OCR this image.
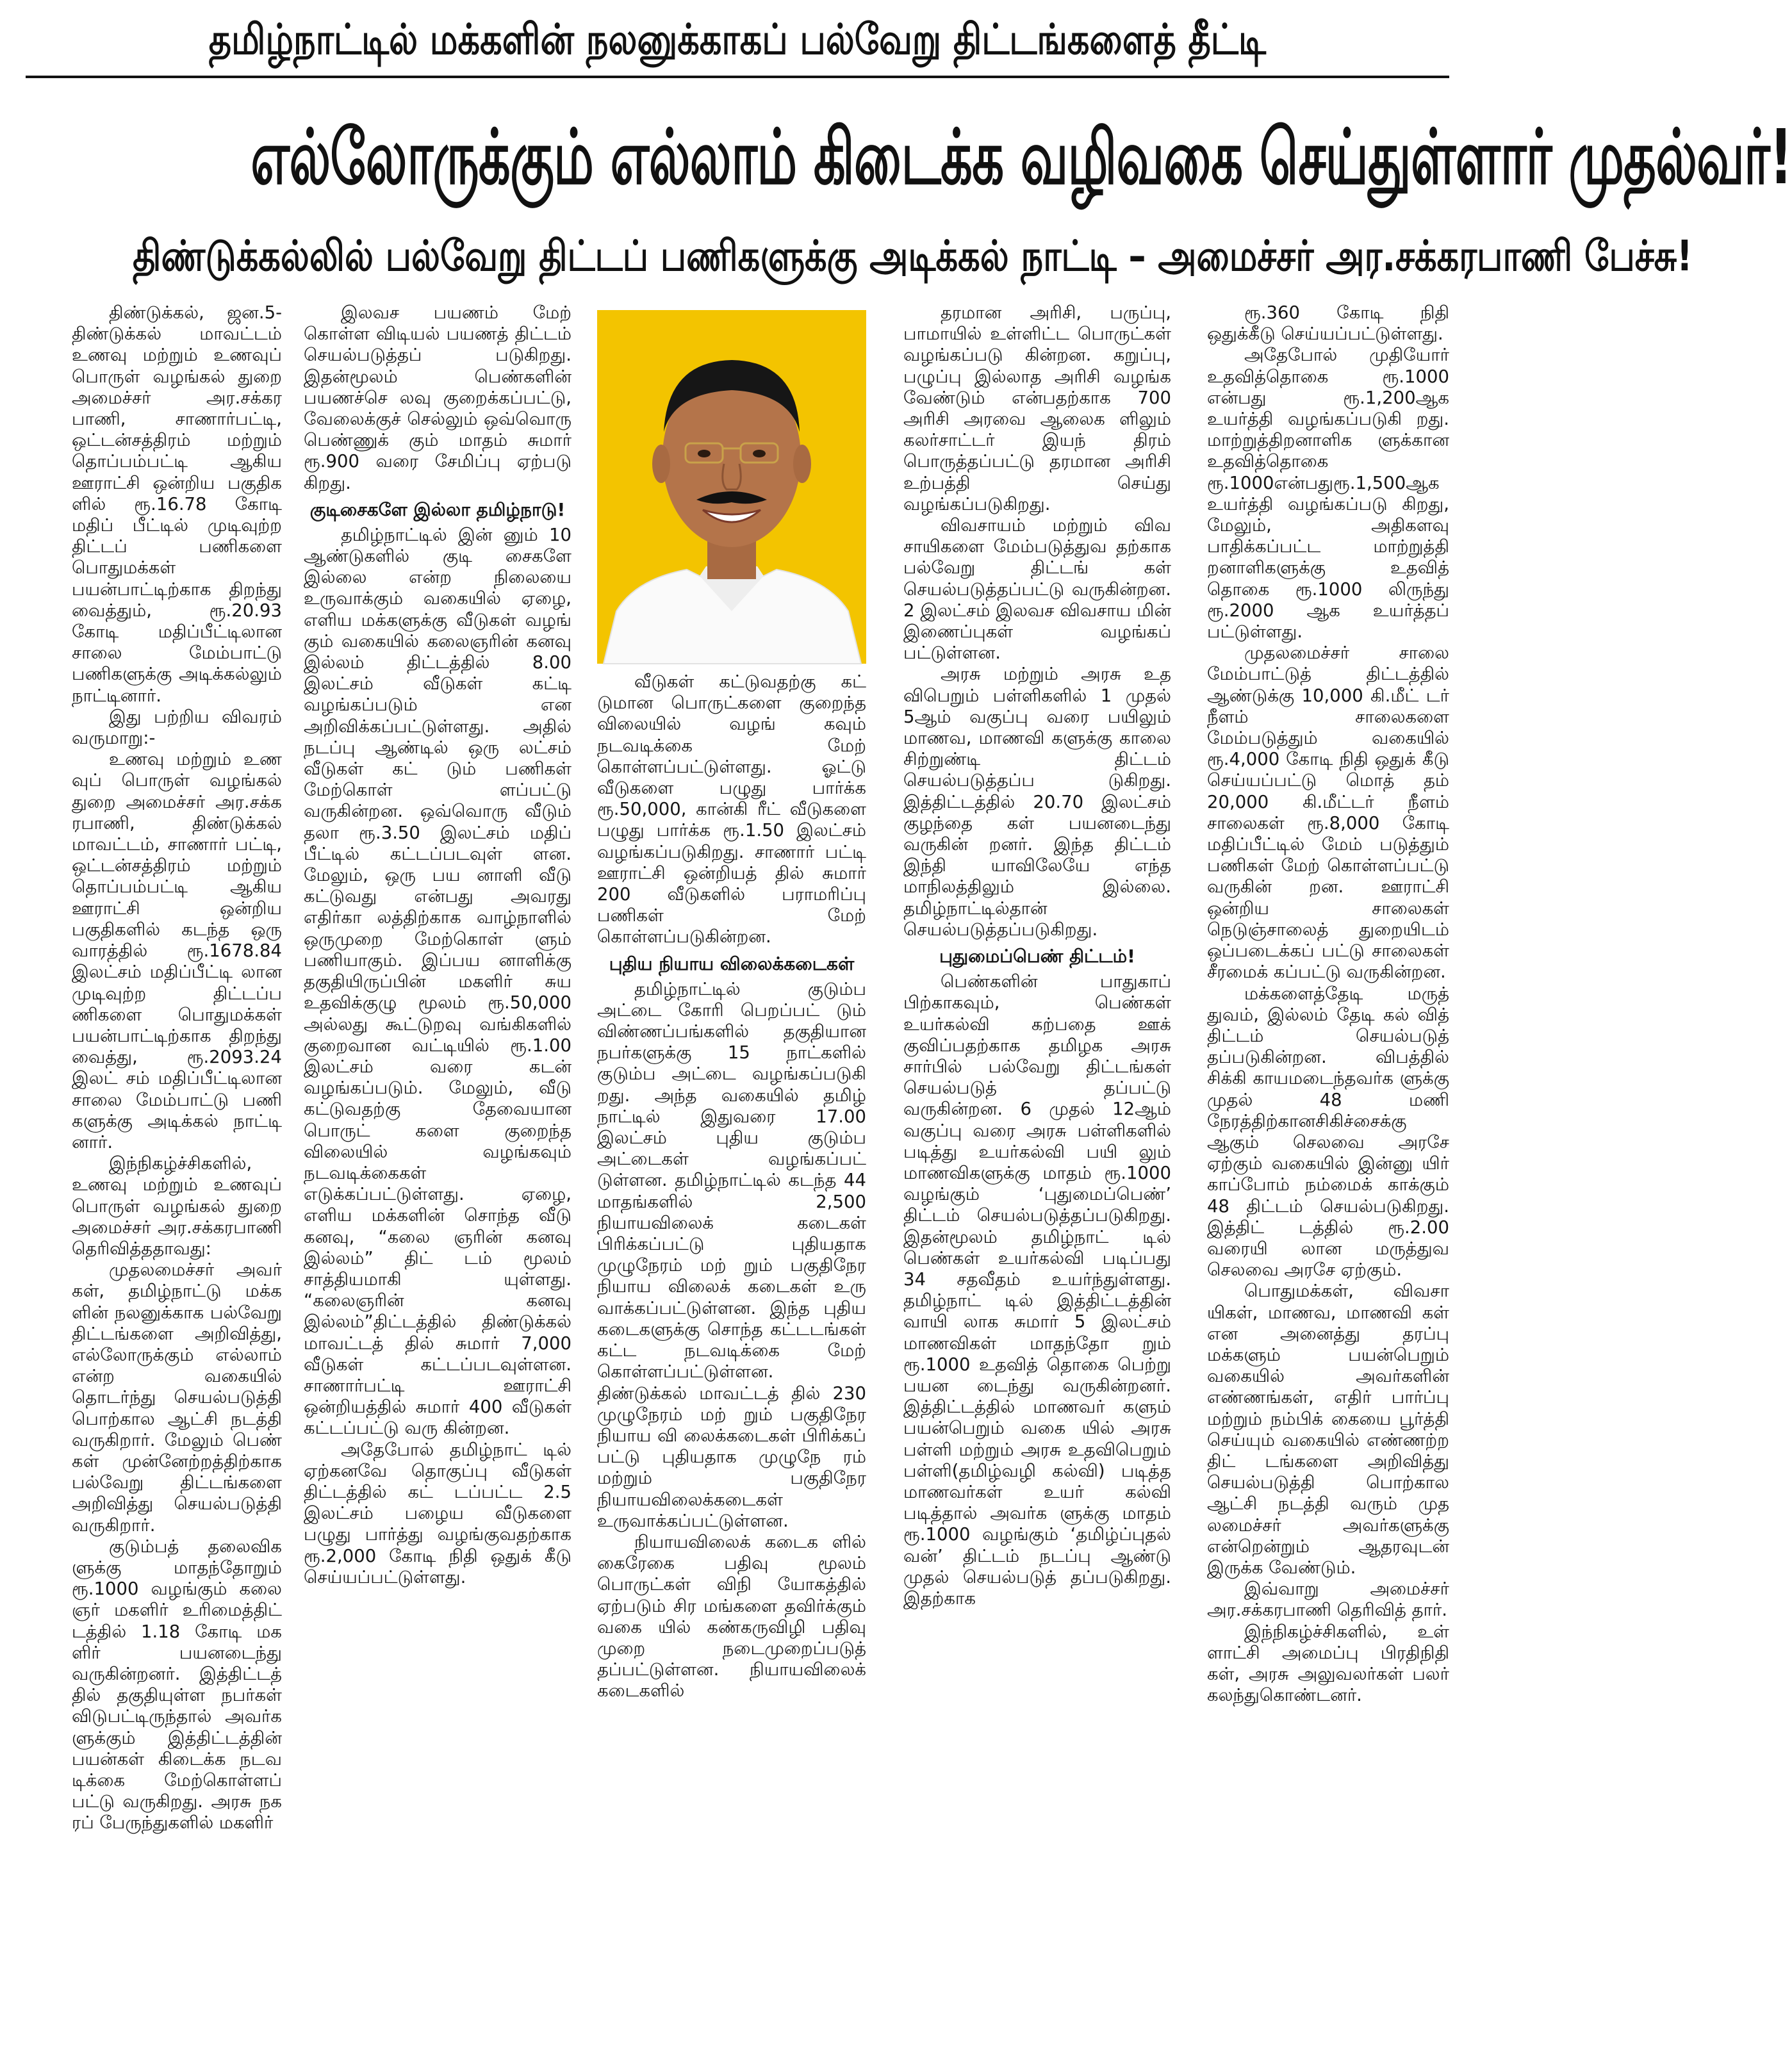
தமிழ்நாட்டில் மக்களின் நலனுக்காகப் பல்வேறு திட்டங்களைத் தீட்டி
எல்லோருக்கும் எல்லாம் கிடைக்க வழிவகை செய்துள்ளார் முதல்வர்!
திண்டுக்கல்லில் பல்வேறு திட்டப் பணிகளுக்கு அடிக்கல் நாட்டி – அமைச்சர் அர.சக்கரபாணி பேச்சு!

திண்டுக்கல், ஜன.5- திண்டுக்கல் மாவட்டம் உணவு மற்றும் உணவுப் பொருள் வழங்கல் துறை அமைச்சர் அர.சக்கர பாணி, சாணார்பட்டி, ஒட்டன்சத்திரம் மற்றும் தொப்பம்பட்டி ஆகிய ஊராட்சி ஒன்றிய பகுதிக ளில் ரூ.16.78 கோடி மதிப் பீட்டில் முடிவுற்ற திட்டப் பணிகளை பொதுமக்கள் பயன்பாட்டிற்காக திறந்து வைத்தும், ரூ.20.93 கோடி மதிப்பீட்டிலான சாலை மேம்பாட்டு பணிகளுக்கு அடிக்கல்லும் நாட்டினார்.

இது பற்றிய விவரம் வருமாறு:-

உணவு மற்றும் உண வுப் பொருள் வழங்கல் துறை அமைச்சர் அர.சக்க ரபாணி, திண்டுக்கல் மாவட்டம், சாணார் பட்டி, ஒட்டன்சத்திரம் மற்றும் தொப்பம்பட்டி ஆகிய ஊராட்சி ஒன்றிய பகுதிகளில் கடந்த ஒரு வாரத்தில் ரூ.1678.84 இலட்சம் மதிப்பீட்டி லான முடிவுற்ற திட்டப்ப ணிகளை பொதுமக்கள் பயன்பாட்டிற்காக திறந்து வைத்து, ரூ.2093.24 இலட் சம் மதிப்பீட்டிலான சாலை மேம்பாட்டு பணி களுக்கு அடிக்கல் நாட்டி னார்.

இந்நிகழ்ச்சிகளில், உணவு மற்றும் உணவுப் பொருள் வழங்கல் துறை அமைச்சர் அர.சக்கரபாணி தெரிவித்ததாவது:

முதலமைச்சர் அவர் கள், தமிழ்நாட்டு மக்க ளின் நலனுக்காக பல்வேறு திட்டங்களை அறிவித்து, எல்லோருக்கும் எல்லாம் என்ற வகையில் தொடர்ந்து செயல்படுத்தி பொற்கால ஆட்சி நடத்தி வருகிறார். மேலும் பெண் கள் முன்னேற்றத்திற்காக பல்வேறு திட்டங்களை அறிவித்து செயல்படுத்தி வருகிறார்.

குடும்பத் தலைவிக ளுக்கு மாதந்தோறும் ரூ.1000 வழங்கும் கலை ஞர் மகளிர் உரிமைத்திட் டத்தில் 1.18 கோடி மக ளிர் பயனடைந்து வருகின்றனர். இத்திட்டத் தில் தகுதியுள்ள நபர்கள் விடுபட்டிருந்தால் அவர்க ளுக்கும் இத்திட்டத்தின் பயன்கள் கிடைக்க நடவ டிக்கை மேற்கொள்ளப் பட்டு வருகிறது. அரசு நக ரப் பேருந்துகளில் மகளிர்

இலவச பயணம் மேற் கொள்ள விடியல் பயணத் திட்டம் செயல்படுத்தப் படுகிறது. இதன்மூலம் பெண்களின் பயணச்செ லவு குறைக்கப்பட்டு, வேலைக்குச் செல்லும் ஒவ்வொரு பெண்ணுக் கும் மாதம் சுமார் ரூ.900 வரை சேமிப்பு ஏற்படு கிறது.

குடிசைகளே இல்லா தமிழ்நாடு!

தமிழ்நாட்டில் இன் னும் 10 ஆண்டுகளில் குடி சைகளே இல்லை என்ற நிலையை உருவாக்கும் வகையில் ஏழை, எளிய மக்களுக்கு வீடுகள் வழங் கும் வகையில் கலைஞரின் கனவு இல்லம் திட்டத்தில் 8.00 இலட்சம் வீடுகள் கட்டி வழங்கப்படும் என அறிவிக்கப்பட்டுள்ளது. அதில் நடப்பு ஆண்டில் ஒரு லட்சம் வீடுகள் கட் டும் பணிகள் மேற்கொள் ளப்பட்டு வருகின்றன. ஒவ்வொரு வீடும் தலா ரூ.3.50 இலட்சம் மதிப் பீட்டில் கட்டப்படவுள் ளன. மேலும், ஒரு பய னாளி வீடு கட்டுவது என்பது அவரது எதிர்கா லத்திற்காக வாழ்நாளில் ஒருமுறை மேற்கொள் ளும் பணியாகும். இப்பய னாளிக்கு தகுதியிருப்பின் மகளிர் சுய உதவிக்குழு மூலம் ரூ.50,000 அல்லது கூட்டுறவு வங்கிகளில் குறைவான வட்டியில் ரூ.1.00 இலட்சம் வரை கடன் வழங்கப்படும். மேலும், வீடு கட்டுவதற்கு தேவையான பொருட் களை குறைந்த விலையில் வழங்கவும் நடவடிக்கைகள் எடுக்கப்பட்டுள்ளது. ஏழை, எளிய மக்களின் சொந்த வீடு கனவு, “கலை ஞரின் கனவு இல்லம்” திட் டம் மூலம் சாத்தியமாகி யுள்ளது. “கலைஞரின் கனவு இல்லம்”திட்டத்தில் திண்டுக்கல் மாவட்டத் தில் சுமார் 7,000 வீடுகள் கட்டப்படவுள்ளன. சாணார்பட்டி ஊராட்சி ஒன்றியத்தில் சுமார் 400 வீடுகள் கட்டப்பட்டு வரு கின்றன.

அதேபோல் தமிழ்நாட் டில் ஏற்கனவே தொகுப்பு வீடுகள் திட்டத்தில் கட் டப்பட்ட 2.5 இலட்சம் பழைய வீடுகளை பழுது பார்த்து வழங்குவதற்காக ரூ.2,000 கோடி நிதி ஒதுக் கீடு செய்யப்பட்டுள்ளது.

வீடுகள் கட்டுவதற்கு கட் டுமான பொருட்களை குறைந்த விலையில் வழங் கவும் நடவடிக்கை மேற் கொள்ளப்பட்டுள்ளது. ஓட்டு வீடுகளை பழுது பார்க்க ரூ.50,000, கான்கி ரீட் வீடுகளை பழுது பார்க்க ரூ.1.50 இலட்சம் வழங்கப்படுகிறது. சாணார் பட்டி ஊராட்சி ஒன்றியத் தில் சுமார் 200 வீடுகளில் பராமரிப்பு பணிகள் மேற் கொள்ளப்படுகின்றன.

புதிய நியாய விலைக்கடைகள்

தமிழ்நாட்டில் குடும்ப அட்டை கோரி பெறப்பட் டும் விண்ணப்பங்களில் தகுதியான நபர்களுக்கு 15 நாட்களில் குடும்ப அட்டை வழங்கப்படுகி றது. அந்த வகையில் தமிழ் நாட்டில் இதுவரை 17.00 இலட்சம் புதிய குடும்ப அட்டைகள் வழங்கப்பட் டுள்ளன. தமிழ்நாட்டில் கடந்த 44 மாதங்களில் 2,500 நியாயவிலைக் கடைகள் பிரிக்கப்பட்டு புதியதாக முழுநேரம் மற் றும் பகுதிநேர நியாய விலைக் கடைகள் உரு வாக்கப்பட்டுள்ளன. இந்த புதிய கடைகளுக்கு சொந்த கட்டடங்கள் கட்ட நடவடிக்கை மேற் கொள்ளப்பட்டுள்ளன. திண்டுக்கல் மாவட்டத் தில் 230 முழுநேரம் மற் றும் பகுதிநேர நியாய வி லைக்கடைகள் பிரிக்கப் பட்டு புதியதாக முழுநே ரம் மற்றும் பகுதிநேர நியாயவிலைக்கடைகள் உருவாக்கப்பட்டுள்ளன.

நியாயவிலைக் கடைக ளில் கைரேகை பதிவு மூலம் பொருட்கள் விநி யோகத்தில் ஏற்படும் சிர மங்களை தவிர்க்கும் வகை யில் கண்கருவிழி பதிவு முறை நடைமுறைப்படுத் தப்பட்டுள்ளன. நியாயவிலைக் கடைகளில்

தரமான அரிசி, பருப்பு, பாமாயில் உள்ளிட்ட பொருட்கள் வழங்கப்படு கின்றன. கறுப்பு, பழுப்பு இல்லாத அரிசி வழங்க வேண்டும் என்பதற்காக 700 அரிசி அரவை ஆலைக ளிலும் கலர்சாட்டர் இயந் திரம் பொருத்தப்பட்டு தரமான அரிசி உற்பத்தி செய்து வழங்கப்படுகிறது.

விவசாயம் மற்றும் விவ சாயிகளை மேம்படுத்துவ தற்காக பல்வேறு திட்டங் கள் செயல்படுத்தப்பட்டு வருகின்றன. 2 இலட்சம் இலவச விவசாய மின் இணைப்புகள் வழங்கப் பட்டுள்ளன.

அரசு மற்றும் அரசு உத விபெறும் பள்ளிகளில் 1 முதல் 5ஆம் வகுப்பு வரை பயிலும் மாணவ, மாணவி களுக்கு காலை சிற்றுண்டி திட்டம் செயல்படுத்தப்ப டுகிறது. இத்திட்டத்தில் 20.70 இலட்சம் குழந்தை கள் பயனடைந்து வருகின் றனர். இந்த திட்டம் இந்தி யாவிலேயே எந்த மாநிலத்திலும் இல்லை. தமிழ்நாட்டில்தான் செயல்படுத்தப்படுகிறது.

புதுமைப்பெண் திட்டம்!

பெண்களின் பாதுகாப் பிற்காகவும், பெண்கள் உயர்கல்வி கற்பதை ஊக் குவிப்பதற்காக தமிழக அரசு சார்பில் பல்வேறு திட்டங்கள் செயல்படுத் தப்பட்டு வருகின்றன. 6 முதல் 12ஆம் வகுப்பு வரை அரசு பள்ளிகளில் படித்து உயர்கல்வி பயி லும் மாணவிகளுக்கு மாதம் ரூ.1000 வழங்கும் ‘புதுமைப்பெண்’ திட்டம் செயல்படுத்தப்படுகிறது. இதன்மூலம் தமிழ்நாட் டில் பெண்கள் உயர்கல்வி படிப்பது 34 சதவீதம் உயர்ந்துள்ளது. தமிழ்நாட் டில் இத்திட்டத்தின் வாயி லாக சுமார் 5 இலட்சம் மாணவிகள் மாதந்தோ றும் ரூ.1000 உதவித் தொகை பெற்று பயன டைந்து வருகின்றனர். இத்திட்டத்தில் மாணவர் களும் பயன்பெறும் வகை யில் அரசு பள்ளி மற்றும் அரசு உதவிபெறும் பள்ளி(தமிழ்வழி கல்வி) படித்த மாணவர்கள் உயர் கல்வி படித்தால் அவர்க ளுக்கு மாதம் ரூ.1000 வழங்கும் ‘தமிழ்ப்புதல் வன்’ திட்டம் நடப்பு ஆண்டு முதல் செயல்படுத் தப்படுகிறது. இதற்காக

ரூ.360 கோடி நிதி ஒதுக்கீடு செய்யப்பட்டுள்ளது.

அதேபோல் முதியோர் உதவித்தொகை ரூ.1000 என்பது ரூ.1,200ஆக உயர்த்தி வழங்கப்படுகி றது. மாற்றுத்திறனாளிக ளுக்கான உதவித்தொகை ரூ.1000என்பதுரூ.1,500ஆக உயர்த்தி வழங்கப்படு கிறது, மேலும், அதிகளவு பாதிக்கப்பட்ட மாற்றுத்தி றனாளிகளுக்கு உதவித் தொகை ரூ.1000 லிருந்து ரூ.2000 ஆக உயர்த்தப் பட்டுள்ளது.

முதலமைச்சர் சாலை மேம்பாட்டுத் திட்டத்தில் ஆண்டுக்கு 10,000 கி.மீட் டர் நீளம் சாலைகளை மேம்படுத்தும் வகையில் ரூ.4,000 கோடி நிதி ஒதுக் கீடு செய்யப்பட்டு மொத் தம் 20,000 கி.மீட்டர் நீளம் சாலைகள் ரூ.8,000 கோடி மதிப்பீட்டில் மேம் படுத்தும் பணிகள் மேற் கொள்ளப்பட்டு வருகின் றன. ஊராட்சி ஒன்றிய சாலைகள் நெடுஞ்சாலைத் துறையிடம் ஒப்படைக்கப் பட்டு சாலைகள் சீரமைக் கப்பட்டு வருகின்றன.

மக்களைத்தேடி மருத் துவம், இல்லம் தேடி கல் வித் திட்டம் செயல்படுத் தப்படுகின்றன. விபத்தில் சிக்கி காயமடைந்தவர்க ளுக்கு முதல் 48 மணி நேரத்திற்கானசிகிச்சைக்கு ஆகும் செலவை அரசே ஏற்கும் வகையில் இன்னு யிர் காப்போம் நம்மைக் காக்கும் 48 திட்டம் செயல்படுகிறது. இத்திட் டத்தில் ரூ.2.00 வரையி லான மருத்துவ செலவை அரசே ஏற்கும்.

பொதுமக்கள், விவசா யிகள், மாணவ, மாணவி கள் என அனைத்து தரப்பு மக்களும் பயன்பெறும் வகையில் அவர்களின் எண்ணங்கள், எதிர் பார்ப்பு மற்றும் நம்பிக் கையை பூர்த்தி செய்யும் வகையில் எண்ணற்ற திட் டங்களை அறிவித்து செயல்படுத்தி பொற்கால ஆட்சி நடத்தி வரும் முத லமைச்சர் அவர்களுக்கு என்றென்றும் ஆதரவுடன் இருக்க வேண்டும்.

இவ்வாறு அமைச்சர் அர.சக்கரபாணி தெரிவித் தார்.

இந்நிகழ்ச்சிகளில், உள் ளாட்சி அமைப்பு பிரதிநிதி கள், அரசு அலுவலர்கள் பலர் கலந்துகொண்டனர்.
